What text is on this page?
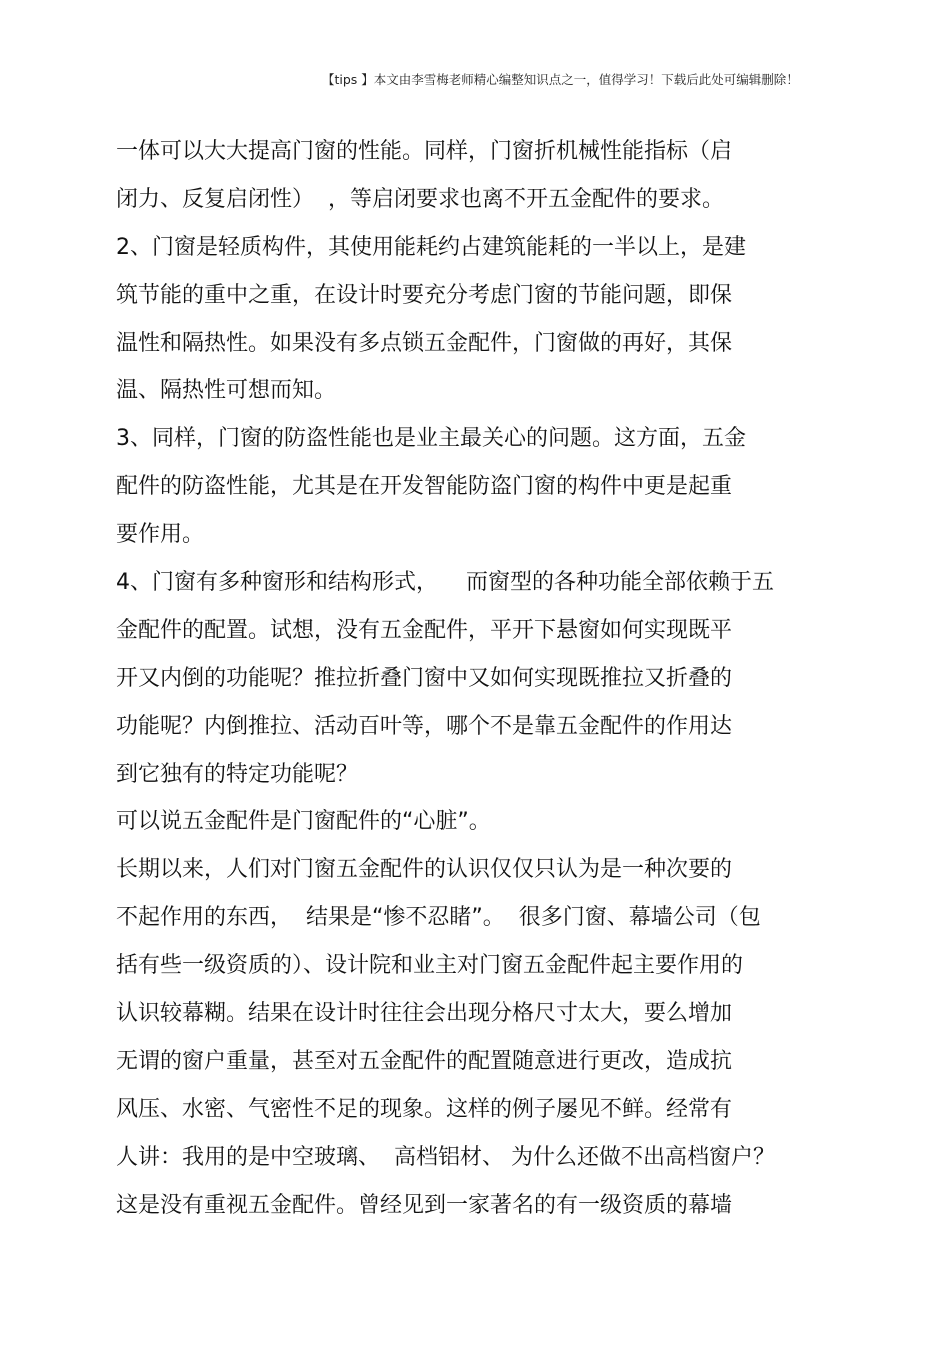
【tips 】本文由李雪梅老师精心编整知识点之一，值得学习！下载后此处可编辑删除！
一体可以大大提高门窗的性能。同样，门窗折机械性能指标（启
闭力、反复启闭性）  ，等启闭要求也离不开五金配件的要求。
2、门窗是轻质构件，其使用能耗约占建筑能耗的一半以上，是建
筑节能的重中之重，在设计时要充分考虑门窗的节能问题，即保
温性和隔热性。如果没有多点锁五金配件，门窗做的再好，其保
温、隔热性可想而知。
3、同样，门窗的防盗性能也是业主最关心的问题。这方面，五金
配件的防盗性能，尤其是在开发智能防盗门窗的构件中更是起重
要作用。
4、门窗有多种窗形和结构形式，    而窗型的各种功能全部依赖于五
金配件的配置。试想，没有五金配件，平开下悬窗如何实现既平
开又内倒的功能呢？推拉折叠门窗中又如何实现既推拉又折叠的
功能呢？内倒推拉、活动百叶等，哪个不是靠五金配件的作用达
到它独有的特定功能呢？
可以说五金配件是门窗配件的“心脏”。
长期以来，人们对门窗五金配件的认识仅仅只认为是一种次要的
不起作用的东西，  结果是“惨不忍睹”。  很多门窗、幕墙公司（包
括有些一级资质的）、设计院和业主对门窗五金配件起主要作用的
认识较幕糊。结果在设计时往往会出现分格尺寸太大，要么增加
无谓的窗户重量，甚至对五金配件的配置随意进行更改，造成抗
风压、水密、气密性不足的现象。这样的例子屡见不鲜。经常有
人讲：我用的是中空玻璃、  高档铝材、 为什么还做不出高档窗户？
这是没有重视五金配件。曾经见到一家著名的有一级资质的幕墙
